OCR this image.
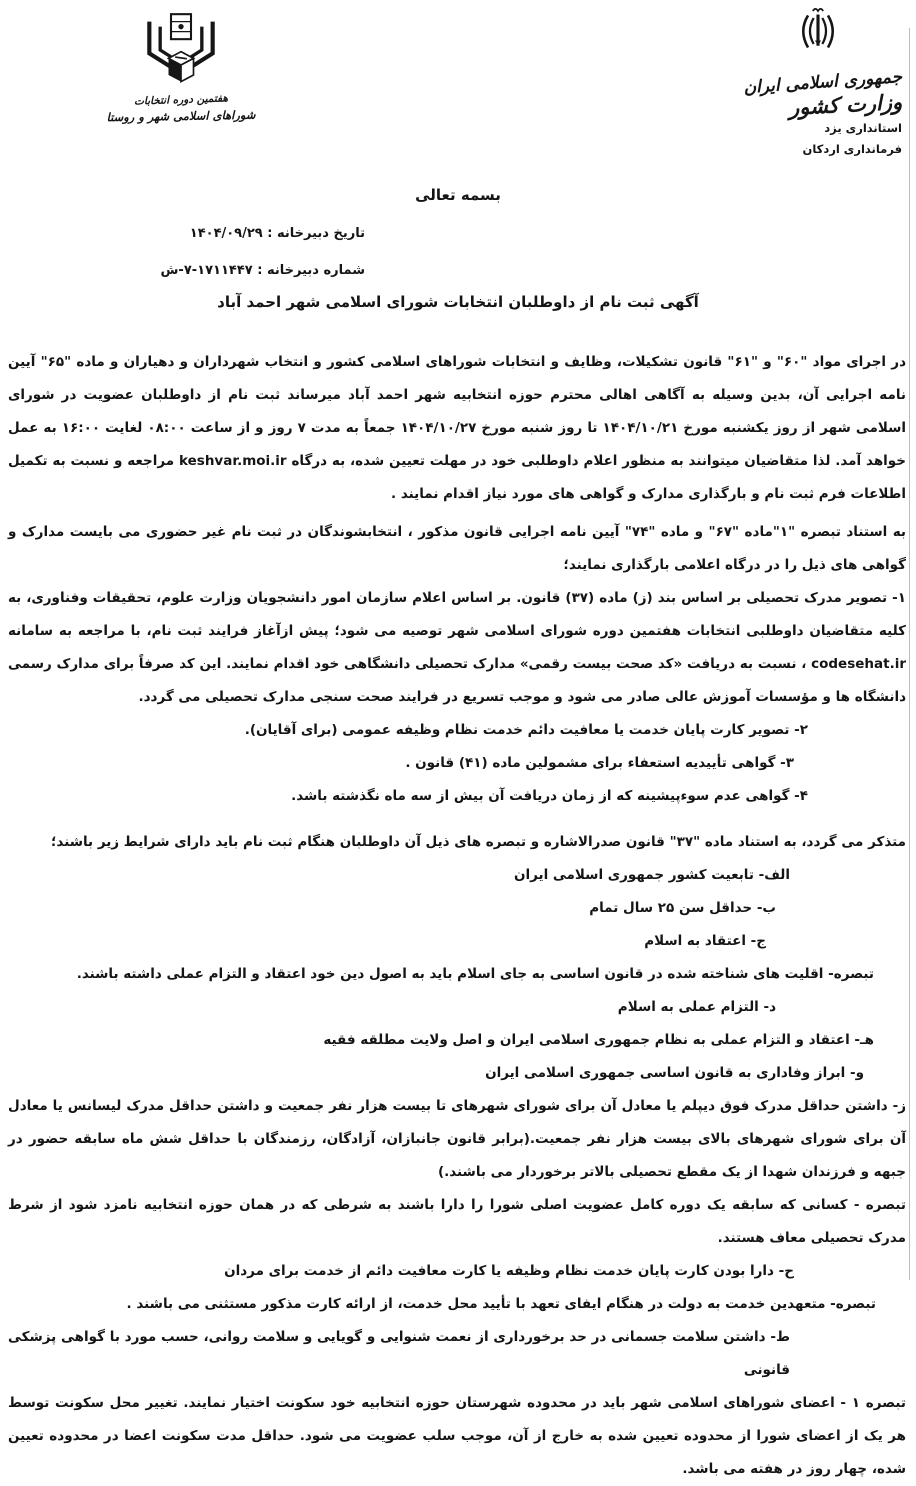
هفتمین دوره انتخابات
شوراهای اسلامی شهر و روستا
جمهوری اسلامی ایران
وزارت کشور
استانداری یزد
فرمانداری اردکان
بسمه تعالی
تاریخ دبیرخانه : ۱۴۰۴/۰۹/۲۹
شماره دبیرخانه : ۱۷۱۱۴۴۷-۷-ش
آگهی ثبت نام از داوطلبان انتخابات شورای اسلامی شهر احمد آباد

در اجرای مواد "۶۰" و "۶۱" قانون تشکیلات، وظایف و انتخابات شوراهای اسلامی کشور و انتخاب شهرداران و دهیاران و ماده "۶۵" آیین نامه اجرایی آن، بدین وسیله به آگاهی اهالی محترم حوزه انتخابیه شهر احمد آباد میرساند ثبت نام از داوطلبان عضویت در شورای اسلامی شهر از روز یکشنبه مورخ ۱۴۰۴/۱۰/۲۱ تا روز شنبه مورخ ۱۴۰۴/۱۰/۲۷ جمعاً به مدت ۷ روز و از ساعت ۰۸:۰۰ لغایت ۱۶:۰۰ به عمل خواهد آمد. لذا متقاضیان میتوانند به منظور اعلام داوطلبی خود در مهلت تعیین شده، به درگاه keshvar.moi.ir مراجعه و نسبت به تکمیل اطلاعات فرم ثبت نام و بارگذاری مدارک و گواهی های مورد نیاز اقدام نمایند .

به استناد تبصره "۱"ماده "۶۷" و ماده "۷۴" آیین نامه اجرایی قانون مذکور ، انتخابشوندگان در ثبت نام غیر حضوری می بایست مدارک و گواهی های ذیل را در درگاه اعلامی بارگذاری نمایند؛

۱- تصویر مدرک تحصیلی بر اساس بند (ز) ماده (۳۷) قانون. بر اساس اعلام سازمان امور دانشجویان وزارت علوم، تحقیقات وفناوری، به کلیه متقاضیان داوطلبی انتخابات هفتمین دوره شورای اسلامی شهر توصیه می شود؛ پیش ازآغاز فرایند ثبت نام، با مراجعه به سامانه codesehat.ir ، نسبت به دریافت «کد صحت بیست رقمی» مدارک تحصیلی دانشگاهی خود اقدام نمایند. این کد صرفاً برای مدارک رسمی دانشگاه ها و مؤسسات آموزش عالی صادر می شود و موجب تسریع در فرایند صحت سنجی مدارک تحصیلی می گردد.

۲- تصویر کارت پایان خدمت یا معافیت دائم خدمت نظام وظیفه عمومی (برای آقایان).

۳- گواهی تأییدیه استعفاء برای مشمولین ماده (۴۱) قانون .

۴- گواهی عدم سوءپیشینه که از زمان دریافت آن بیش از سه ماه نگذشته باشد.

متذکر می گردد، به استناد ماده "۳۷" قانون صدرالاشاره و تبصره های ذیل آن داوطلبان هنگام ثبت نام باید دارای شرایط زیر باشند؛

الف- تابعیت کشور جمهوری اسلامی ایران

ب- حداقل سن ۲۵ سال تمام

ج- اعتقاد به اسلام

تبصره- اقلیت های شناخته شده در قانون اساسی به جای اسلام باید به اصول دین خود اعتقاد و التزام عملی داشته باشند.

د- التزام عملی به اسلام

هـ- اعتقاد و التزام عملی به نظام جمهوری اسلامی ایران و اصل ولایت مطلقه فقیه

و- ابراز وفاداری به قانون اساسی جمهوری اسلامی ایران

ز- داشتن حداقل مدرک فوق دیپلم یا معادل آن برای شورای شهرهای تا بیست هزار نفر جمعیت و داشتن حداقل مدرک لیسانس یا معادل آن برای شورای شهرهای بالای بیست هزار نفر جمعیت.(برابر قانون جانبازان، آزادگان، رزمندگان با حداقل شش ماه سابقه حضور در جبهه و فرزندان شهدا از یک مقطع تحصیلی بالاتر برخوردار می باشند.)

تبصره - کسانی که سابقه یک دوره کامل عضویت اصلی شورا را دارا باشند به شرطی که در همان حوزه انتخابیه نامزد شود از شرط مدرک تحصیلی معاف هستند.

ح- دارا بودن کارت پایان خدمت نظام وظیفه یا کارت معافیت دائم از خدمت برای مردان

تبصره- متعهدین خدمت به دولت در هنگام ایفای تعهد با تأیید محل خدمت، از ارائه کارت مذکور مستثنی می باشند .

ط- داشتن سلامت جسمانی در حد برخورداری از نعمت شنوایی و گویایی و سلامت روانی، حسب مورد با گواهی پزشکی قانونی

تبصره ۱ - اعضای شوراهای اسلامی شهر باید در محدوده شهرستان حوزه انتخابیه خود سکونت اختیار نمایند. تغییر محل سکونت توسط هر یک از اعضای شورا از محدوده تعیین شده به خارج از آن، موجب سلب عضویت می شود. حداقل مدت سکونت اعضا در محدوده تعیین شده، چهار روز در هفته می باشد.
